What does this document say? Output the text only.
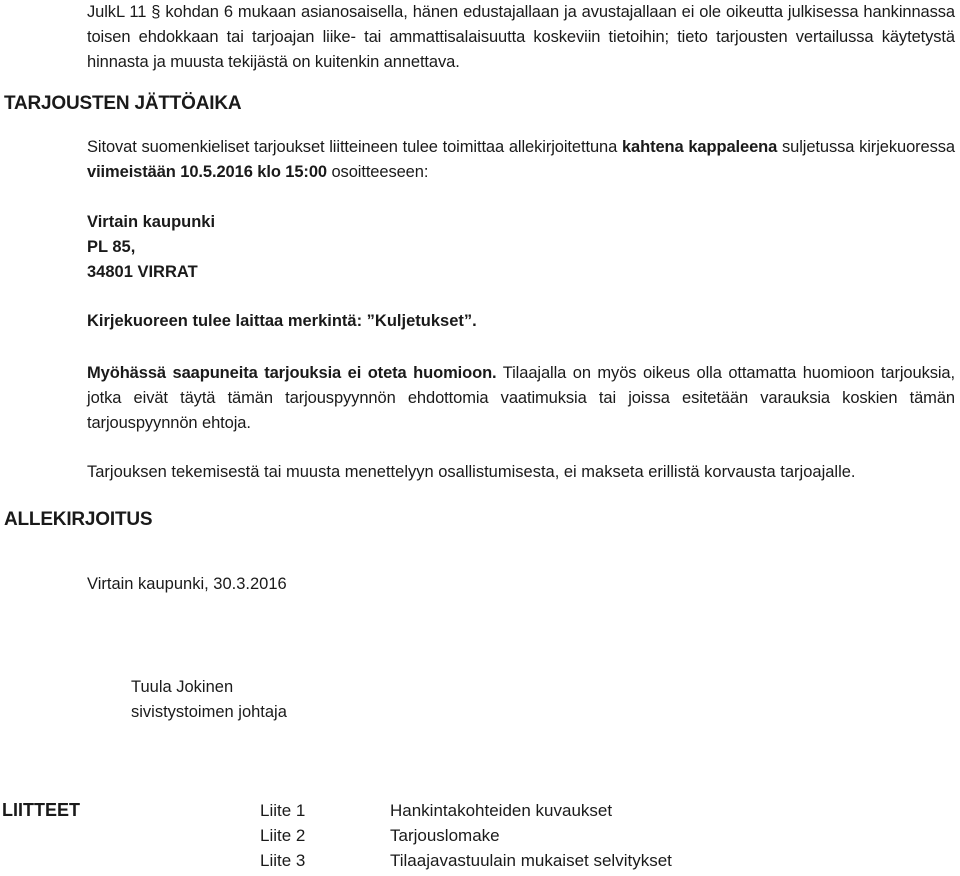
JulkL 11 § kohdan 6 mukaan asianosaisella, hänen edustajallaan ja avustajallaan ei ole oikeutta julkisessa hankinnassa toisen ehdokkaan tai tarjoajan liike- tai ammattisalaisuutta koskeviin tietoihin; tieto tarjousten vertailussa käytetystä hinnasta ja muusta tekijästä on kuitenkin annettava.
TARJOUSTEN JÄTTÖAIKA
Sitovat suomenkieliset tarjoukset liitteineen tulee toimittaa allekirjoitettuna kahtena kappaleena suljetussa kirjekuoressa viimeistään 10.5.2016 klo 15:00 osoitteeseen:
Virtain kaupunki
PL 85,
34801 VIRRAT
Kirjekuoreen tulee laittaa merkintä: ”Kuljetukset”.
Myöhässä saapuneita tarjouksia ei oteta huomioon. Tilaajalla on myös oikeus olla ottamatta huomioon tarjouksia, jotka eivät täytä tämän tarjouspyynnön ehdottomia vaatimuksia tai joissa esitetään varauksia koskien tämän tarjouspyynnön ehtoja.
Tarjouksen tekemisestä tai muusta menettelyyn osallistumisesta, ei makseta erillistä korvausta tarjoajalle.
ALLEKIRJOITUS
Virtain kaupunki, 30.3.2016
Tuula Jokinen
sivistystoimen johtaja
LIITTEET	Liite 1	Hankintakohteiden kuvaukset
Liite 2	Tarjouslomake
Liite 3	Tilaajavastuulain mukaiset selvitykset
